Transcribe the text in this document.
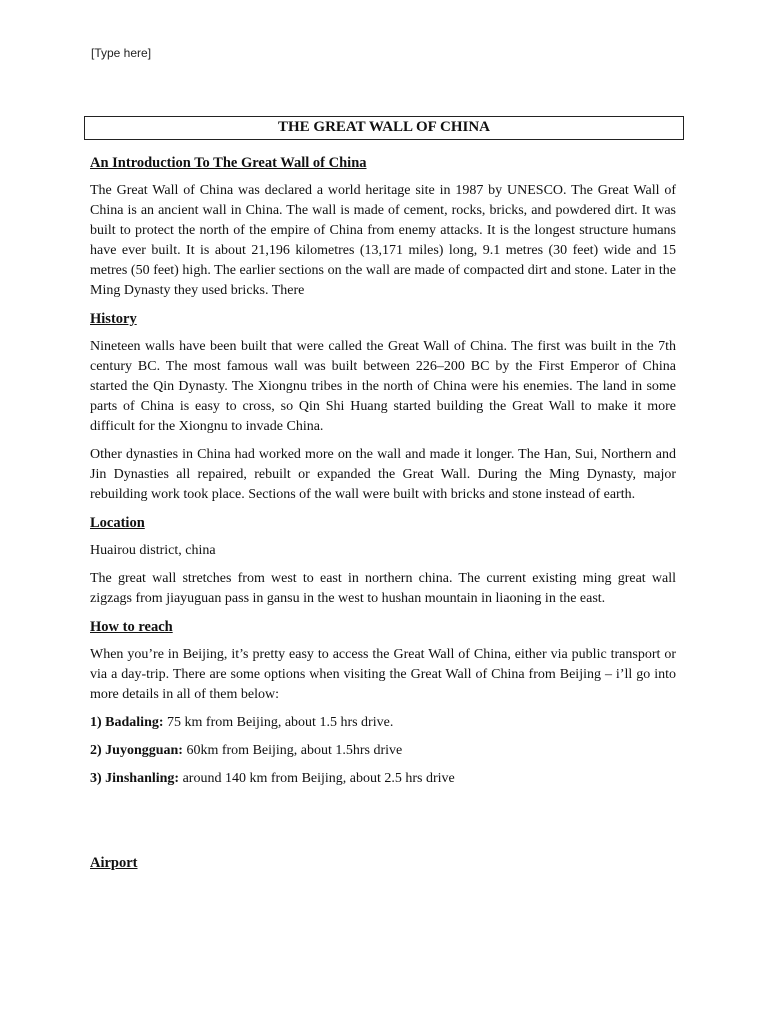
[Type here]
THE GREAT WALL OF CHINA
An Introduction To The Great Wall of China

The Great Wall of China was declared a world heritage site in 1987 by UNESCO. The Great Wall of China is an ancient wall in China. The wall is made of cement, rocks, bricks, and powdered dirt. It was built to protect the north of the empire of China from enemy attacks. It is the longest structure humans have ever built. It is about 21,196 kilometres (13,171 miles) long, 9.1 metres (30 feet) wide and 15 metres (50 feet) high. The earlier sections on the wall are made of compacted dirt and stone. Later in the Ming Dynasty they used bricks. There

History

Nineteen walls have been built that were called the Great Wall of China. The first was built in the 7th century BC. The most famous wall was built between 226–200 BC by the First Emperor of China started the Qin Dynasty. The Xiongnu tribes in the north of China were his enemies. The land in some parts of China is easy to cross, so Qin Shi Huang started building the Great Wall to make it more difficult for the Xiongnu to invade China.

Other dynasties in China had worked more on the wall and made it longer. The Han, Sui, Northern and Jin Dynasties all repaired, rebuilt or expanded the Great Wall. During the Ming Dynasty, major rebuilding work took place. Sections of the wall were built with bricks and stone instead of earth.

Location

Huairou district, china

The great wall stretches from west to east in northern china. The current existing ming great wall zigzags from jiayuguan pass in gansu in the west to hushan mountain in liaoning in the east.

How to reach

When you’re in Beijing, it’s pretty easy to access the Great Wall of China, either via public transport or via a day-trip. There are some options when visiting the Great Wall of China from Beijing – i’ll go into more details in all of them below:

1) Badaling: 75 km from Beijing, about 1.5 hrs drive.

2) Juyongguan: 60km from Beijing, about 1.5hrs drive

3) Jinshanling: around 140 km from Beijing, about 2.5 hrs drive

Airport
